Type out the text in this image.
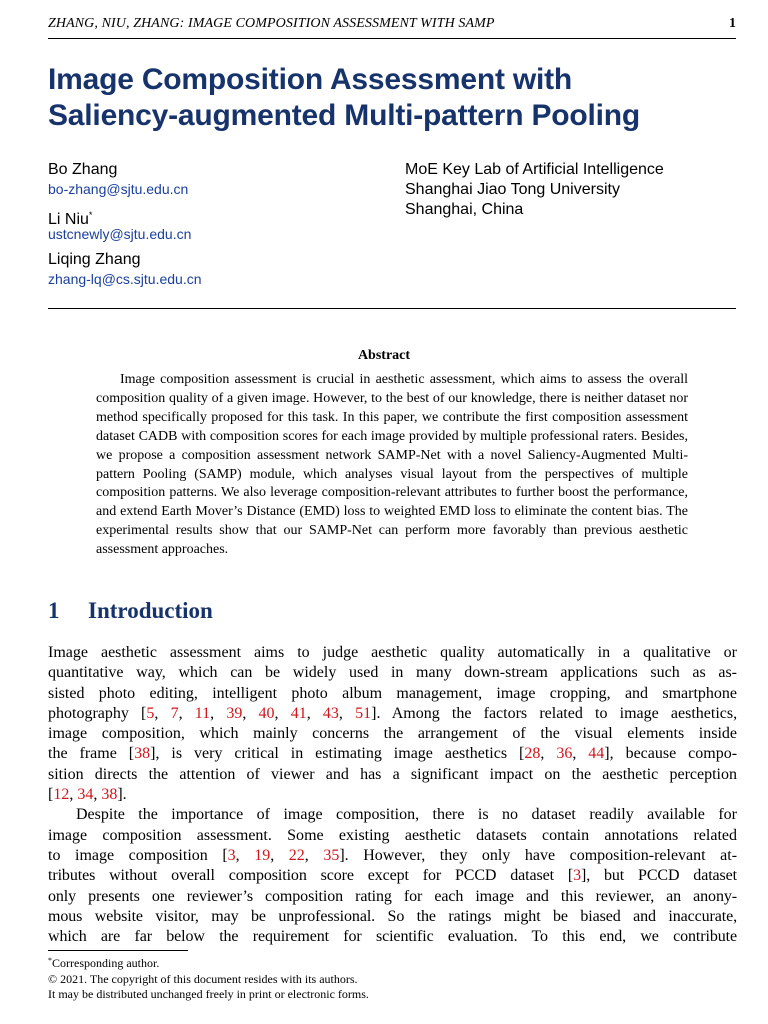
ZHANG, NIU, ZHANG: IMAGE COMPOSITION ASSESSMENT WITH SAMP	1
Image Composition Assessment with
Saliency-augmented Multi-pattern Pooling
Bo Zhang
bo-zhang@sjtu.edu.cn
Li Niu*
ustcnewly@sjtu.edu.cn
Liqing Zhang
zhang-lq@cs.sjtu.edu.cn
MoE Key Lab of Artificial Intelligence
Shanghai Jiao Tong University
Shanghai, China
Abstract
Image composition assessment is crucial in aesthetic assessment, which aims to assess the overall composition quality of a given image. However, to the best of our knowledge, there is neither dataset nor method specifically proposed for this task. In this paper, we contribute the first composition assessment dataset CADB with composition scores for each image provided by multiple professional raters. Besides, we propose a composition assessment network SAMP-Net with a novel Saliency-Augmented Multi-pattern Pooling (SAMP) module, which analyses visual layout from the perspectives of multiple composition patterns. We also leverage composition-relevant attributes to further boost the performance, and extend Earth Mover’s Distance (EMD) loss to weighted EMD loss to eliminate the content bias. The experimental results show that our SAMP-Net can perform more favorably than previous aesthetic assessment approaches.
1 Introduction
Image aesthetic assessment aims to judge aesthetic quality automatically in a qualitative or
quantitative way, which can be widely used in many down-stream applications such as as-
sisted photo editing, intelligent photo album management, image cropping, and smartphone
photography [5, 7, 11, 39, 40, 41, 43, 51]. Among the factors related to image aesthetics,
image composition, which mainly concerns the arrangement of the visual elements inside
the frame [38], is very critical in estimating image aesthetics [28, 36, 44], because compo-
sition directs the attention of viewer and has a significant impact on the aesthetic perception
[12, 34, 38].
Despite the importance of image composition, there is no dataset readily available for
image composition assessment. Some existing aesthetic datasets contain annotations related
to image composition [3, 19, 22, 35]. However, they only have composition-relevant at-
tributes without overall composition score except for PCCD dataset [3], but PCCD dataset
only presents one reviewer’s composition rating for each image and this reviewer, an anony-
mous website visitor, may be unprofessional. So the ratings might be biased and inaccurate,
which are far below the requirement for scientific evaluation. To this end, we contribute
*Corresponding author.
© 2021. The copyright of this document resides with its authors.
It may be distributed unchanged freely in print or electronic forms.
